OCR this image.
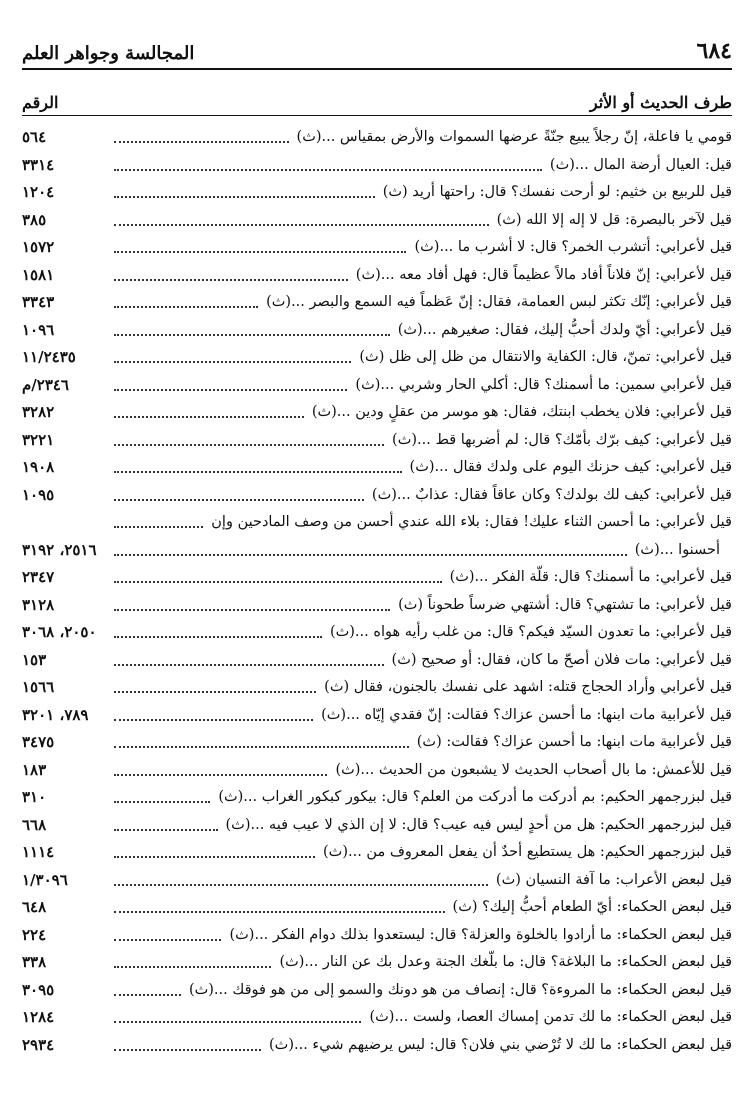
٦٨٤
المجالسة وجواهر العلم
طرف الحديث أو الأثر
الرقم
قومي يا فاعلة، إنّ رجلاً يبيع جنّةً عرضها السموات والأرض بمقياس ...(ث)
٥٦٤
قيل: العيال أرضة المال ...(ث)
٣٣١٤
قيل للربيع بن خثيم: لو أرحت نفسك؟ قال: راحتها أريد (ث)
١٢٠٤
قيل لآخر بالبصرة: قل لا إله إلا الله (ث)
٣٨٥
قيل لأعرابي: أتشرب الخمر؟ قال: لا أشرب ما ...(ث)
١٥٧٢
قيل لأعرابي: إنّ فلاناً أفاد مالاً عظيماً قال: فهل أفاد معه ...(ث)
١٥٨١
قيل لأعرابي: إنّك تكثر لبس العمامة، فقال: إنّ عَظماً فيه السمع والبصر ...(ث)
٣٣٤٣
قيل لأعرابي: أيّ ولدك أحبُّ إليك، فقال: صغيرهم ...(ث)
١٠٩٦
قيل لأعرابي: تمنّ، قال: الكفاية والانتقال من ظل إلى ظل (ث)
١١/٢٤٣٥
قيل لأعرابي سمين: ما أسمنك؟ قال: أكلي الحار وشربي ...(ث)
٢٣٤٦/م
قيل لأعرابي: فلان يخطب ابنتك، فقال: هو موسر من عقلٍ ودين ...(ث)
٣٢٨٢
قيل لأعرابي: كيف برّك بأمّك؟ قال: لم أضربها قط ...(ث)
٣٢٢١
قيل لأعرابي: كيف حزنك اليوم على ولدك فقال ...(ث)
١٩٠٨
قيل لأعرابي: كيف لك بولدك؟ وكان عاقاً فقال: عذابٌ ...(ث)
١٠٩٥
قيل لأعرابي: ما أحسن الثناء عليك! فقال: بلاء الله عندي أحسن من وصف المادحين وإن
أحسنوا ...(ث)
٢٥١٦، ٣١٩٢
قيل لأعرابي: ما أسمنك؟ قال: قلّة الفكر ...(ث)
٢٣٤٧
قيل لأعرابي: ما تشتهي؟ قال: أشتهي ضرساً طحوناً (ث)
٣١٢٨
قيل لأعرابي: ما تعدون السيّد فيكم؟ قال: من غلب رأيه هواه ...(ث)
٢٠٥٠، ٣٠٦٨
قيل لأعرابي: مات فلان أصحّ ما كان، فقال: أو صحيح (ث)
١٥٣
قيل لأعرابي وأراد الحجاج قتله: اشهد على نفسك بالجنون، فقال (ث)
١٥٦٦
قيل لأعرابية مات ابنها: ما أحسن عزاك؟ فقالت: إنّ فقدي إيّاه ...(ث)
٧٨٩، ٣٢٠١
قيل لأعرابية مات ابنها: ما أحسن عزاك؟ فقالت: (ث)
٣٤٧٥
قيل للأعمش: ما بال أصحاب الحديث لا يشبعون من الحديث ...(ث)
١٨٣
قيل لبزرجمهر الحكيم: بم أدركت ما أدركت من العلم؟ قال: بيكور كبكور الغراب ...(ث)
٣١٠
قيل لبزرجمهر الحكيم: هل من أحدٍ ليس فيه عيب؟ قال: لا إن الذي لا عيب فيه ...(ث)
٦٦٨
قيل لبزرجمهر الحكيم: هل يستطيع أحدٌ أن يفعل المعروف من ...(ث)
١١١٤
قيل لبعض الأعراب: ما آفة النسيان (ث)
١/٣٠٩٦
قيل لبعض الحكماء: أيّ الطعام أحبُّ إليك؟ (ث)
٦٤٨
قيل لبعض الحكماء: ما أرادوا بالخلوة والعزلة؟ قال: ليستعدوا بذلك دوام الفكر ...(ث)
٢٢٤
قيل لبعض الحكماء: ما البلاغة؟ قال: ما بلّغك الجنة وعدل بك عن النار ...(ث)
٣٣٨
قيل لبعض الحكماء: ما المروءة؟ قال: إنصاف من هو دونك والسمو إلى من هو فوقك ...(ث)
٣٠٩٥
قيل لبعض الحكماء: ما لك تدمن إمساك العصا، ولست ...(ث)
١٢٨٤
قيل لبعض الحكماء: ما لك لا تُرْضي بني فلان؟ قال: ليس يرضيهم شيء ...(ث)
٢٩٣٤
